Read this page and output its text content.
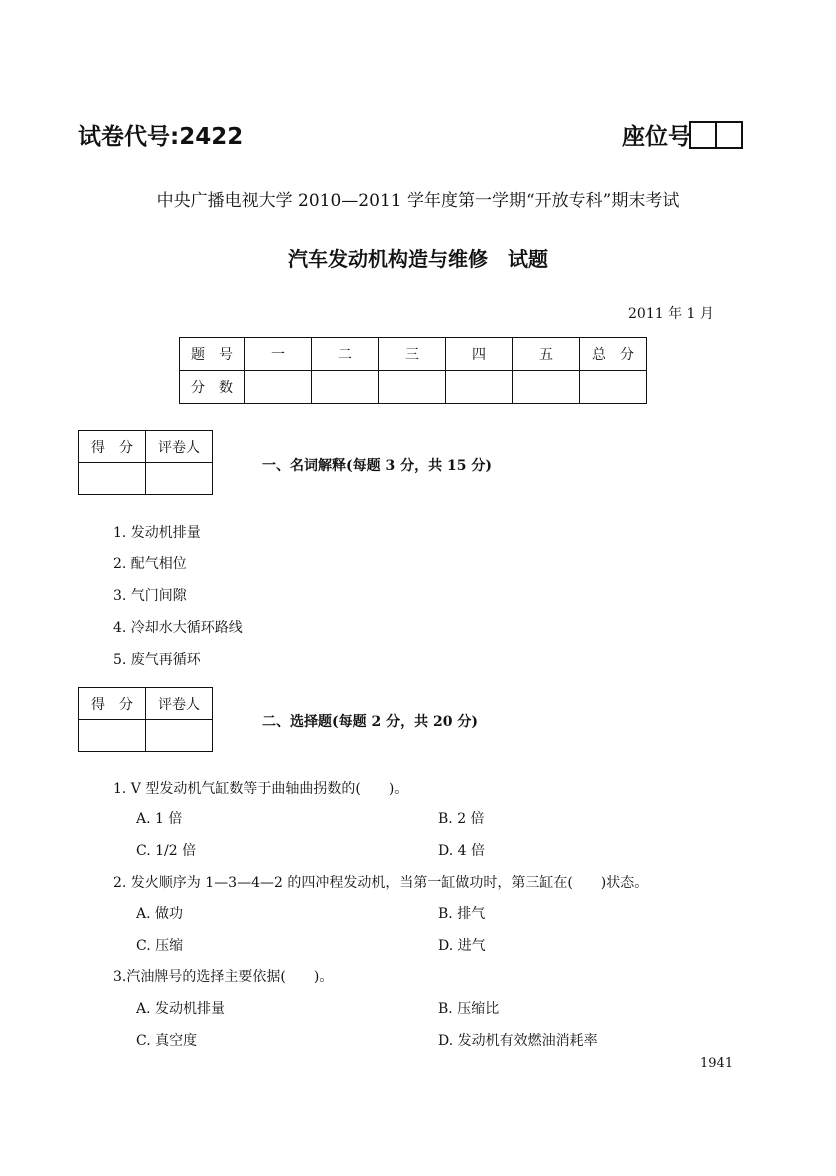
试卷代号:2422	座位号
中央广播电视大学 2010—2011 学年度第一学期“开放专科”期末考试
汽车发动机构造与维修　试题
2011 年 1 月
题　号	一	二	三	四	五	总　分
分　数						
得　分	评卷人

一、名词解释(每题 3 分，共 15 分)
1. 发动机排量
2. 配气相位
3. 气门间隙
4. 冷却水大循环路线
5. 废气再循环
得　分	评卷人

二、选择题(每题 2 分，共 20 分)
1. V 型发动机气缸数等于曲轴曲拐数的(　　)。
A. 1 倍	B. 2 倍
C. 1/2 倍	D. 4 倍
2. 发火顺序为 1—3—4—2 的四冲程发动机，当第一缸做功时，第三缸在(　　)状态。
A. 做功	B. 排气
C. 压缩	D. 进气
3.汽油牌号的选择主要依据(　　)。
A. 发动机排量	B. 压缩比
C. 真空度	D. 发动机有效燃油消耗率
1941
